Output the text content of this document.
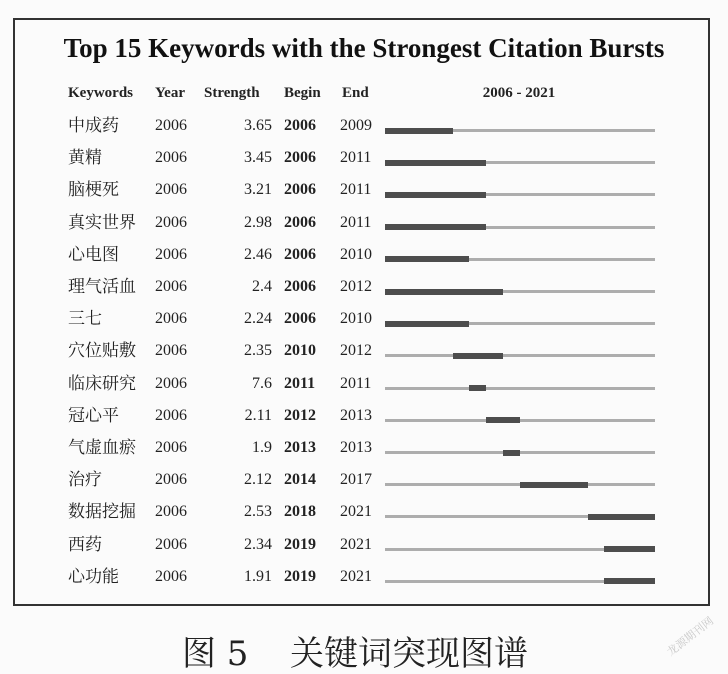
Top 15 Keywords with the Strongest Citation Bursts
Keywords Year Strength Begin End	2006 - 2021
中成药 2006	3.65 2006 2009
黄精	2006	3.45 2006 2011
脑梗死 2006	3.21 2006 2011
真实世界 2006	2.98 2006 2011
心电图 2006	2.46 2006 2010
理气活血 2006	2.4 2006 2012
三七	2006	2.24 2006 2010
穴位贴敷 2006	2.35 2010 2012
临床研究 2006	7.6 2011 2011
冠心平 2006	2.11 2012 2013
气虚血瘀 2006	1.9 2013 2013
治疗	2006	2.12 2014 2017
数据挖掘 2006	2.53 2018 2021
西药	2006	2.34 2019 2021
心功能 2006	1.91 2019 2021
图 5 关键词突现图谱	龙源期刊网
